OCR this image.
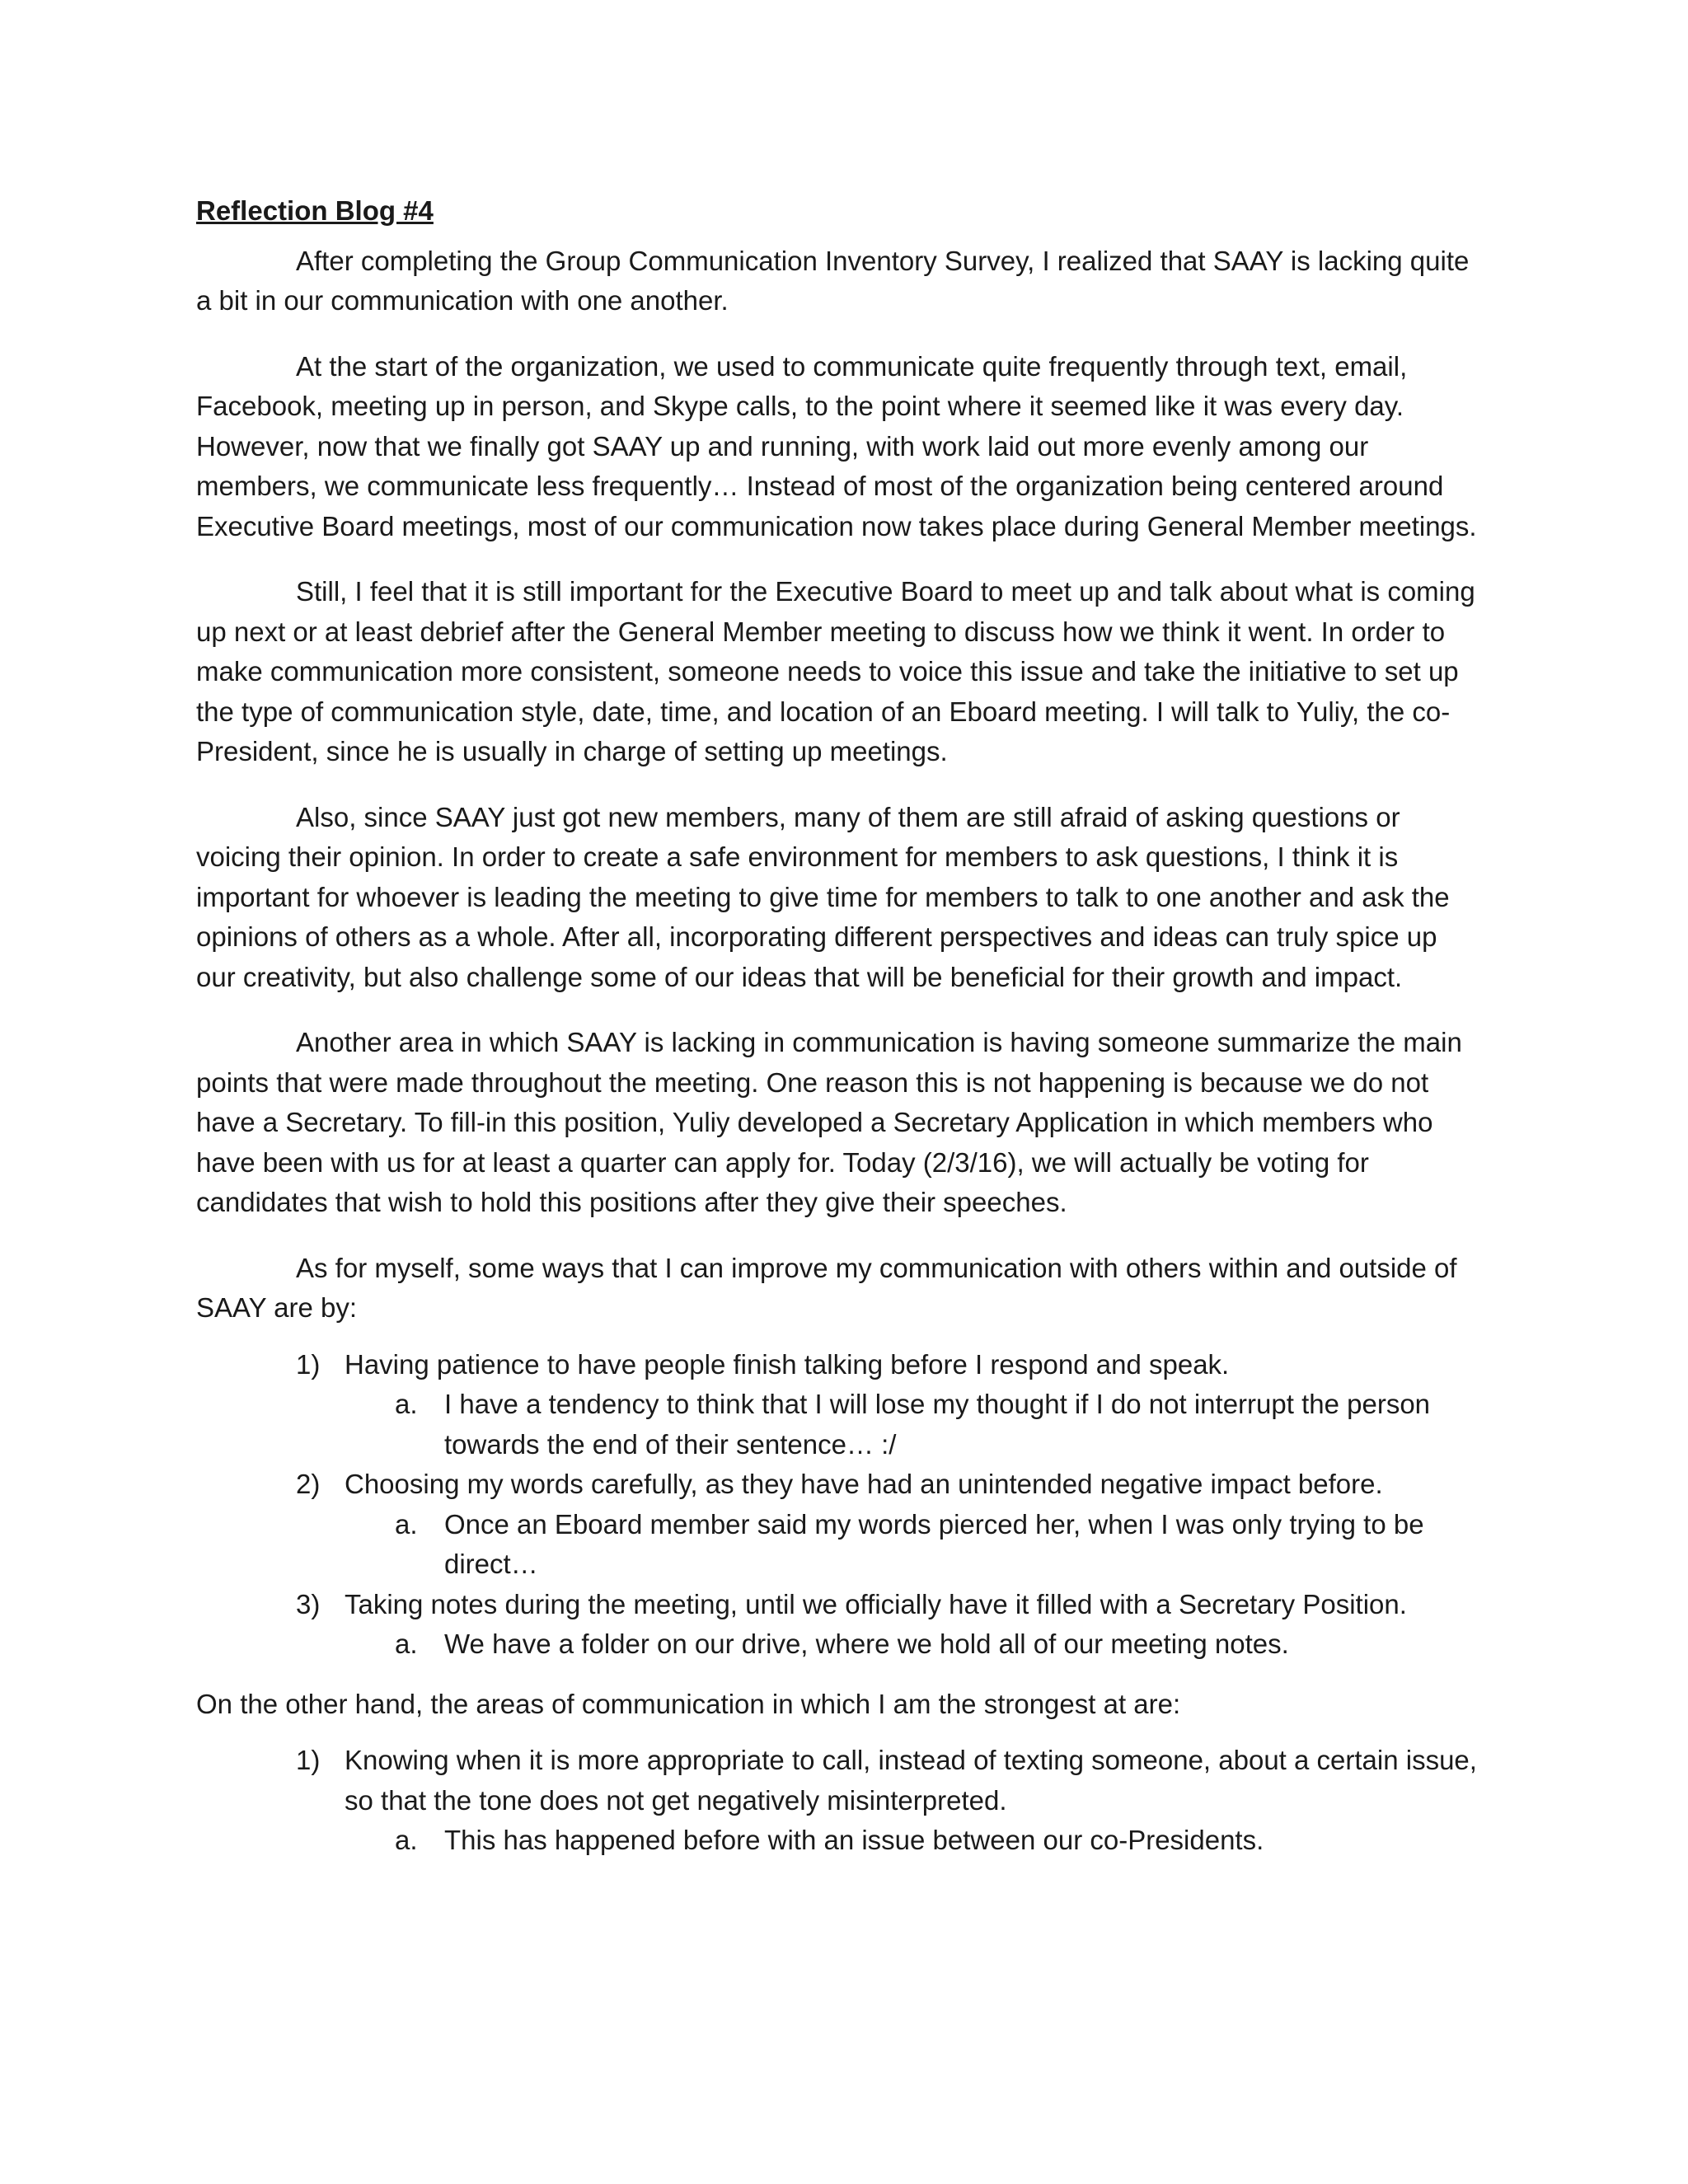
Reflection Blog #4

After completing the Group Communication Inventory Survey, I realized that SAAY is lacking quite a bit in our communication with one another.

At the start of the organization, we used to communicate quite frequently through text, email, Facebook, meeting up in person, and Skype calls, to the point where it seemed like it was every day. However, now that we finally got SAAY up and running, with work laid out more evenly among our members, we communicate less frequently… Instead of most of the organization being centered around Executive Board meetings, most of our communication now takes place during General Member meetings.

Still, I feel that it is still important for the Executive Board to meet up and talk about what is coming up next or at least debrief after the General Member meeting to discuss how we think it went. In order to make communication more consistent, someone needs to voice this issue and take the initiative to set up the type of communication style, date, time, and location of an Eboard meeting. I will talk to Yuliy, the co-President, since he is usually in charge of setting up meetings.

Also, since SAAY just got new members, many of them are still afraid of asking questions or voicing their opinion. In order to create a safe environment for members to ask questions, I think it is important for whoever is leading the meeting to give time for members to talk to one another and ask the opinions of others as a whole. After all, incorporating different perspectives and ideas can truly spice up our creativity, but also challenge some of our ideas that will be beneficial for their growth and impact.

Another area in which SAAY is lacking in communication is having someone summarize the main points that were made throughout the meeting. One reason this is not happening is because we do not have a Secretary. To fill-in this position, Yuliy developed a Secretary Application in which members who have been with us for at least a quarter can apply for. Today (2/3/16), we will actually be voting for candidates that wish to hold this positions after they give their speeches.

As for myself, some ways that I can improve my communication with others within and outside of SAAY are by:

1) Having patience to have people finish talking before I respond and speak.
a. I have a tendency to think that I will lose my thought if I do not interrupt the person towards the end of their sentence… :/
2) Choosing my words carefully, as they have had an unintended negative impact before.
a. Once an Eboard member said my words pierced her, when I was only trying to be direct…
3) Taking notes during the meeting, until we officially have it filled with a Secretary Position.
a. We have a folder on our drive, where we hold all of our meeting notes.

On the other hand, the areas of communication in which I am the strongest at are:

1) Knowing when it is more appropriate to call, instead of texting someone, about a certain issue, so that the tone does not get negatively misinterpreted.
a. This has happened before with an issue between our co-Presidents.
